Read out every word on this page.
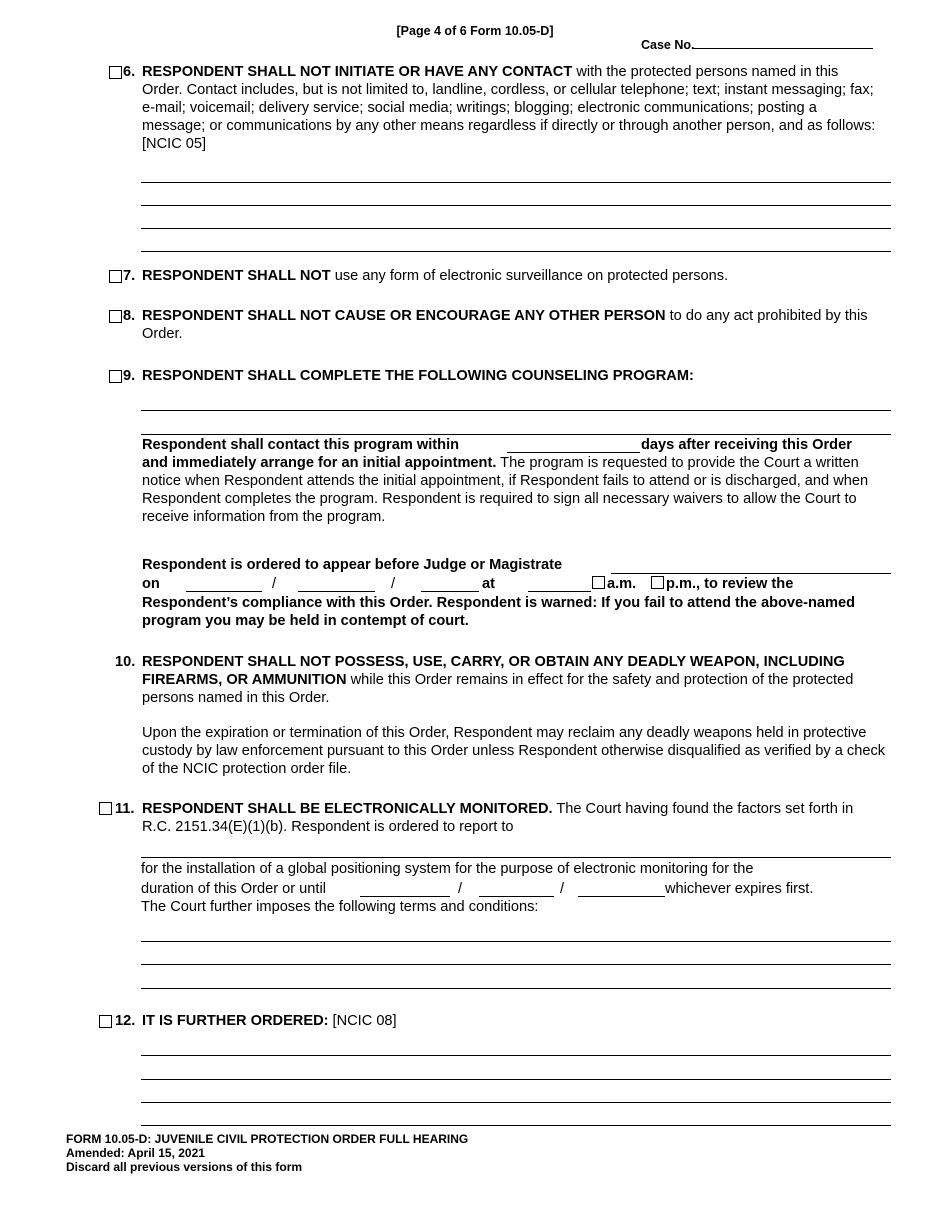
[Page 4 of 6 Form 10.05-D]
Case No.
6. RESPONDENT SHALL NOT INITIATE OR HAVE ANY CONTACT with the protected persons named in this Order. Contact includes, but is not limited to, landline, cordless, or cellular telephone; text; instant messaging; fax; e-mail; voicemail; delivery service; social media; writings; blogging; electronic communications; posting a message; or communications by any other means regardless if directly or through another person, and as follows: [NCIC 05]

7. RESPONDENT SHALL NOT use any form of electronic surveillance on protected persons.

8. RESPONDENT SHALL NOT CAUSE OR ENCOURAGE ANY OTHER PERSON to do any act prohibited by this Order.

9. RESPONDENT SHALL COMPLETE THE FOLLOWING COUNSELING PROGRAM:
Respondent shall contact this program within	days after receiving this Order

and immediately arrange for an initial appointment. The program is requested to provide the Court a written notice when Respondent attends the initial appointment, if Respondent fails to attend or is discharged, and when Respondent completes the program. Respondent is required to sign all necessary waivers to allow the Court to receive information from the program.

Respondent is ordered to appear before Judge or Magistrate
on	/	/	at	a.m. p.m., to review the

Respondent’s compliance with this Order. Respondent is warned: If you fail to attend the above-named program you may be held in contempt of court.

10. RESPONDENT SHALL NOT POSSESS, USE, CARRY, OR OBTAIN ANY DEADLY WEAPON, INCLUDING FIREARMS, OR AMMUNITION while this Order remains in effect for the safety and protection of the protected persons named in this Order.

Upon the expiration or termination of this Order, Respondent may reclaim any deadly weapons held in protective custody by law enforcement pursuant to this Order unless Respondent otherwise disqualified as verified by a check of the NCIC protection order file.

11. RESPONDENT SHALL BE ELECTRONICALLY MONITORED. The Court having found the factors set forth in R.C. 2151.34(E)(1)(b). Respondent is ordered to report to

for the installation of a global positioning system for the purpose of electronic monitoring for the
duration of this Order or until	/	/	whichever expires first.
The Court further imposes the following terms and conditions:
12. IT IS FURTHER ORDERED: [NCIC 08]

FORM 10.05-D: JUVENILE CIVIL PROTECTION ORDER FULL HEARING
Amended: April 15, 2021
Discard all previous versions of this form
